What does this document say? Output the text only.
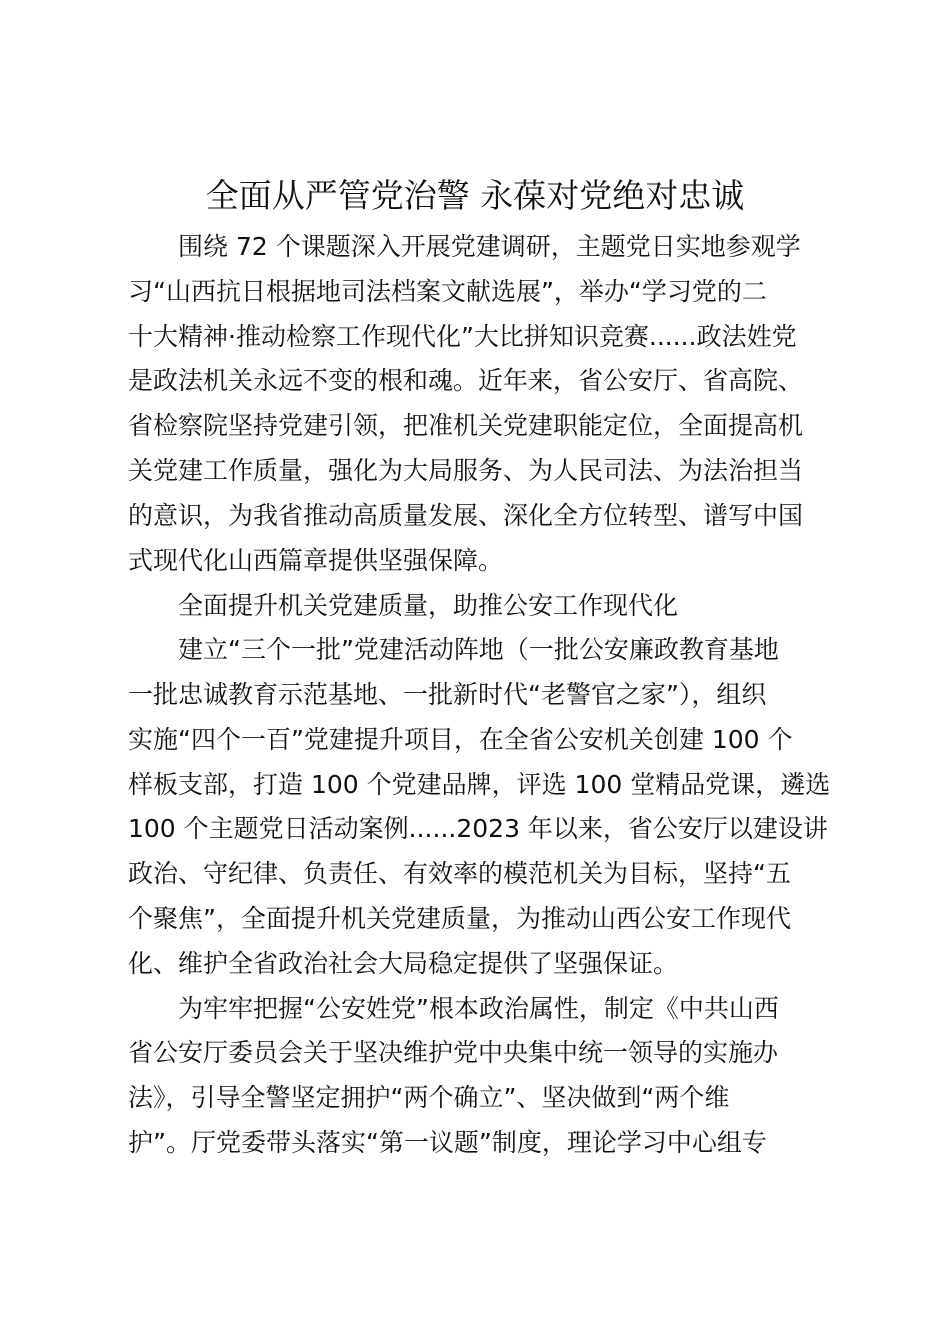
全面从严管党治警 永葆对党绝对忠诚

围绕 72 个课题深入开展党建调研，主题党日实地参观学

习“山西抗日根据地司法档案文献选展”，举办“学习党的二

十大精神·推动检察工作现代化”大比拼知识竞赛......政法姓党

是政法机关永远不变的根和魂。近年来，省公安厅、省高院、

省检察院坚持党建引领，把准机关党建职能定位，全面提高机

关党建工作质量，强化为大局服务、为人民司法、为法治担当

的意识，为我省推动高质量发展、深化全方位转型、谱写中国

式现代化山西篇章提供坚强保障。

全面提升机关党建质量，助推公安工作现代化

建立“三个一批”党建活动阵地（一批公安廉政教育基地

一批忠诚教育示范基地、一批新时代“老警官之家”），组织

实施“四个一百”党建提升项目，在全省公安机关创建 100 个

样板支部，打造 100 个党建品牌，评选 100 堂精品党课，遴选

100 个主题党日活动案例......2023 年以来，省公安厅以建设讲

政治、守纪律、负责任、有效率的模范机关为目标，坚持“五

个聚焦”，全面提升机关党建质量，为推动山西公安工作现代

化、维护全省政治社会大局稳定提供了坚强保证。

为牢牢把握“公安姓党”根本政治属性，制定《中共山西

省公安厅委员会关于坚决维护党中央集中统一领导的实施办

法》，引导全警坚定拥护“两个确立”、坚决做到“两个维

护”。厅党委带头落实“第一议题”制度，理论学习中心组专
